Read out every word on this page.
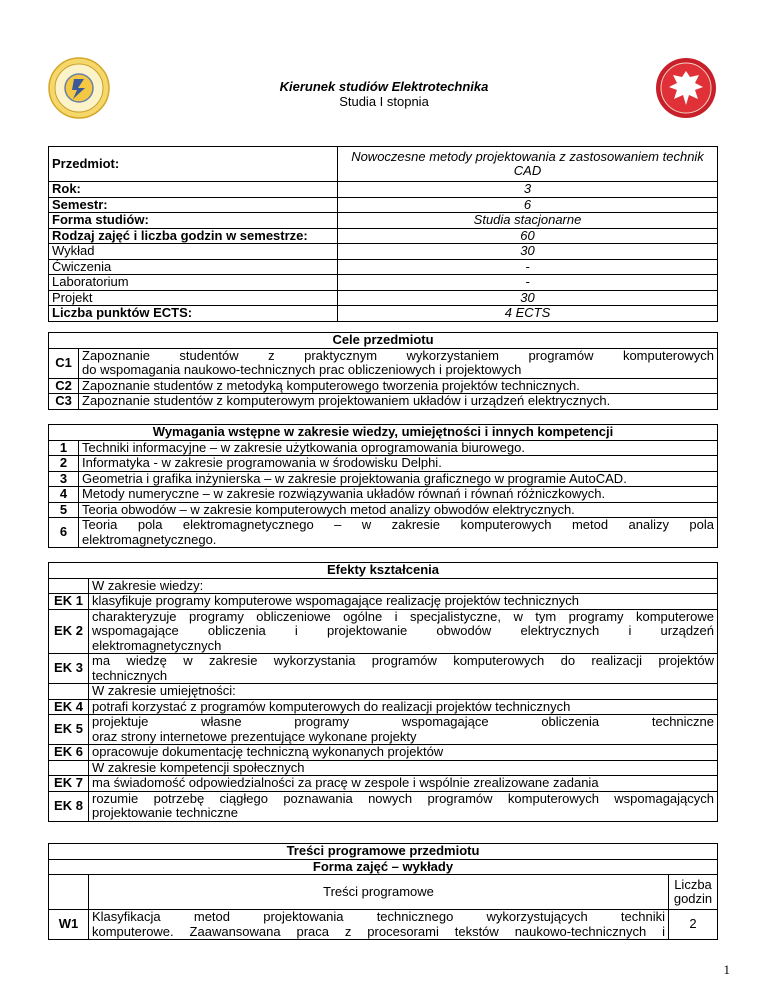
Kierunek studiów Elektrotechnika
Studia I stopnia
Przedmiot:	Nowoczesne metody projektowania z zastosowaniem technik CAD
Rok:	3
Semestr:	6
Forma studiów:	Studia stacjonarne
Rodzaj zajęć i liczba godzin w semestrze:	60
Wykład	30
Ćwiczenia	-
Laboratorium	-
Projekt	30
Liczba punktów ECTS:	4 ECTS
Cele przedmiotu	
C1	Zapoznanie studentów z praktycznym wykorzystaniem programów komputerowych
do wspomagania naukowo-technicznych prac obliczeniowych i projektowych

C2	Zapoznanie studentów z metodyką komputerowego tworzenia projektów technicznych.
C3	Zapoznanie studentów z komputerowym projektowaniem układów i urządzeń elektrycznych.
Wymagania wstępne w zakresie wiedzy, umiejętności i innych kompetencji	
1	Techniki informacyjne – w zakresie użytkowania oprogramowania biurowego.
2	Informatyka - w zakresie programowania w środowisku Delphi.
3	Geometria i grafika inżynierska – w zakresie projektowania graficznego w programie AutoCAD.
4	Metody numeryczne – w zakresie rozwiązywania układów równań i równań różniczkowych.
5	Teoria obwodów – w zakresie komputerowych metod analizy obwodów elektrycznych.
6	Teoria pola elektromagnetycznego – w zakresie komputerowych metod analizy pola
elektromagnetycznego.
Efekty kształcenia	
	W zakresie wiedzy:
EK 1	klasyfikuje programy komputerowe wspomagające realizację projektów technicznych
EK 2	charakteryzuje programy obliczeniowe ogólne i specjalistyczne, w tym programy komputerowe
wspomagające obliczenia i projektowanie obwodów elektrycznych i urządzeń
elektromagnetycznych

EK 3	ma wiedzę w zakresie wykorzystania programów komputerowych do realizacji projektów
technicznych

	W zakresie umiejętności:
EK 4	potrafi korzystać z programów komputerowych do realizacji projektów technicznych
EK 5	projektuje własne programy wspomagające obliczenia techniczne
oraz strony internetowe prezentujące wykonane projekty

EK 6	opracowuje dokumentację techniczną wykonanych projektów
	W zakresie kompetencji społecznych
EK 7	ma świadomość odpowiedzialności za pracę w zespole i wspólnie zrealizowane zadania
EK 8	rozumie potrzebę ciągłego poznawania nowych programów komputerowych wspomagających
projektowanie techniczne
Treści programowe przedmiotu		
Forma zajęć – wykłady		
	Treści programowe	Liczba
godzin

W1	Klasyfikacja metod projektowania technicznego wykorzystujących techniki
komputerowe. Zaawansowana praca z procesorami tekstów naukowo-technicznych i	2
1
